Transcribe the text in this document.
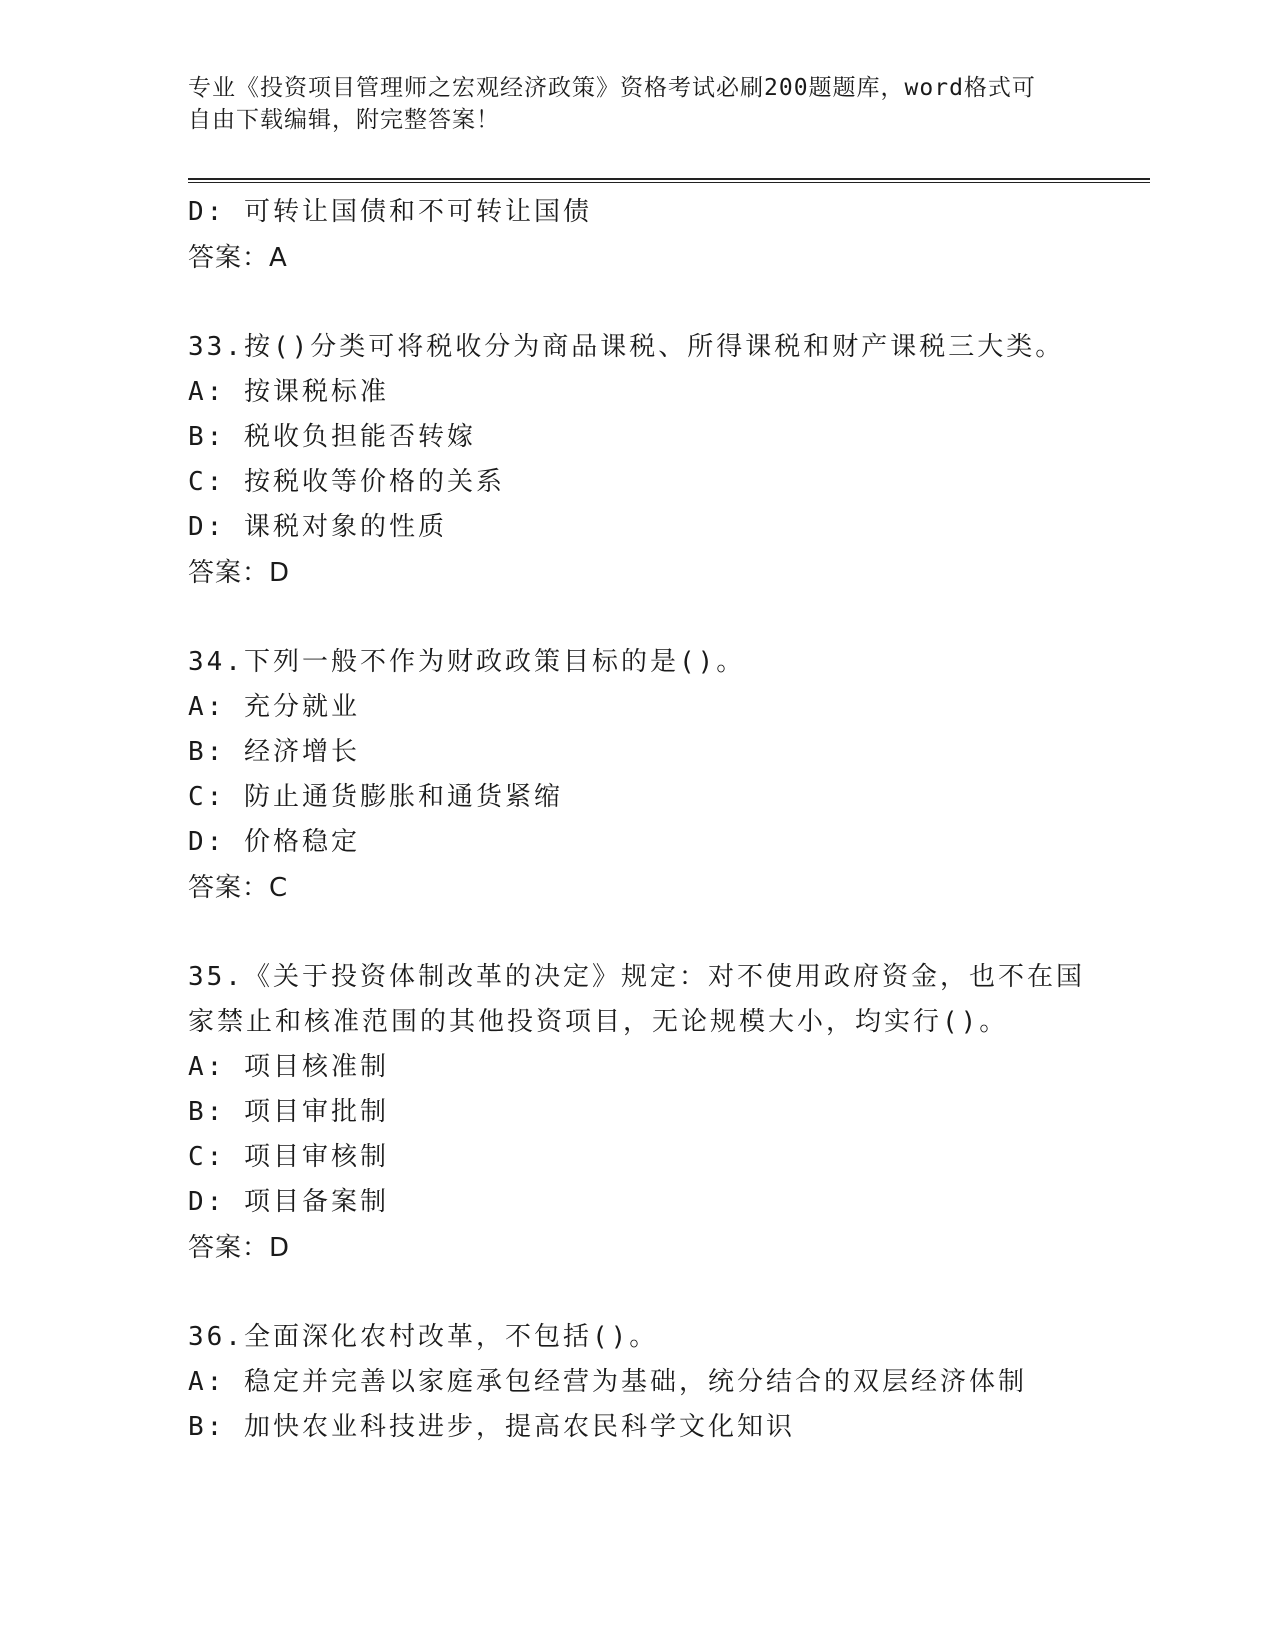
专业《投资项目管理师之宏观经济政策》资格考试必刷200题题库，word格式可
自由下载编辑，附完整答案！
D: 可转让国债和不可转让国债
答案：A
33.按()分类可将税收分为商品课税、所得课税和财产课税三大类。
A: 按课税标准
B: 税收负担能否转嫁
C: 按税收等价格的关系
D: 课税对象的性质
答案：D
34.下列一般不作为财政政策目标的是()。
A: 充分就业
B: 经济增长
C: 防止通货膨胀和通货紧缩
D: 价格稳定
答案：C
35.《关于投资体制改革的决定》规定：对不使用政府资金，也不在国
家禁止和核准范围的其他投资项目，无论规模大小，均实行()。
A: 项目核准制
B: 项目审批制
C: 项目审核制
D: 项目备案制
答案：D
36.全面深化农村改革，不包括()。
A: 稳定并完善以家庭承包经营为基础，统分结合的双层经济体制
B: 加快农业科技进步，提高农民科学文化知识
